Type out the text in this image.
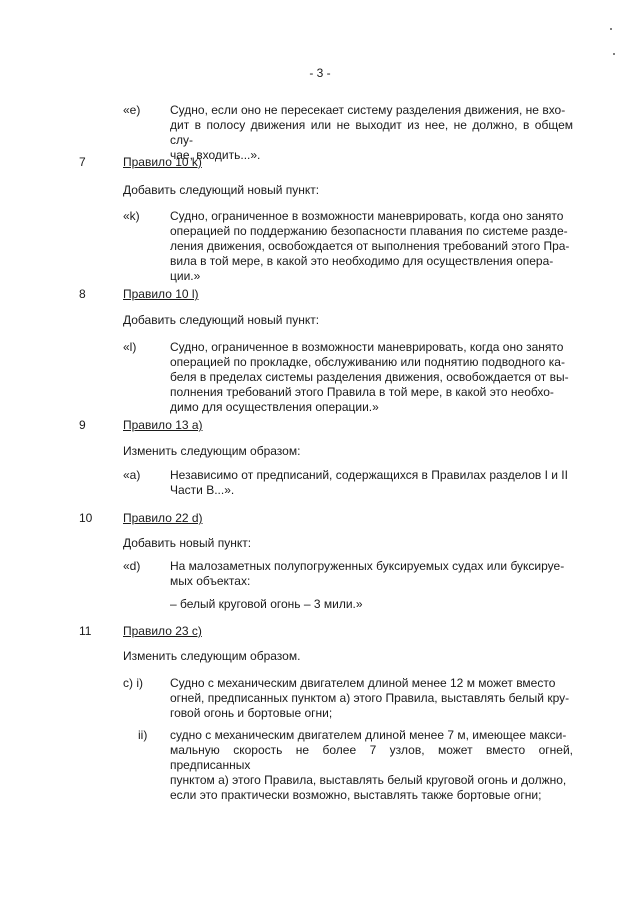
- 3 -
«e) Судно, если оно не пересекает систему разделения движения, не вхо-
дит в полосу движения или не выходит из нее, не должно, в общем слу-
чае, входить...».
7	Правило 10 k)
Добавить следующий новый пункт:
«k)	Судно, ограниченное в возможности маневрировать, когда оно занято
операцией по поддержанию безопасности плавания по системе разде-
ления движения, освобождается от выполнения требований этого Пра-
вила в той мере, в какой это необходимо для осуществления опера-
ции.»
8	Правило 10 l)
Добавить следующий новый пункт:
«l)	Судно, ограниченное в возможности маневрировать, когда оно занято
операцией по прокладке, обслуживанию или поднятию подводного ка-
беля в пределах системы разделения движения, освобождается от вы-
полнения требований этого Правила в той мере, в какой это необхо-
димо для осуществления операции.»
9	Правило 13 a)
Изменить следующим образом:
«a) Независимо от предписаний, содержащихся в Правилах разделов I и II
Части B...».
10	Правило 22 d)
Добавить новый пункт:
«d) На малозаметных полупогруженных буксируемых судах или буксируе-
мых объектах:
– белый круговой огонь – 3 мили.»
11	Правило 23 c)
Изменить следующим образом.
c) i) Судно с механическим двигателем длиной менее 12 м может вместо
огней, предписанных пунктом a) этого Правила, выставлять белый кру-
говой огонь и бортовые огни;
ii) судно с механическим двигателем длиной менее 7 м, имеющее макси-
мальную скорость не более 7 узлов, может вместо огней, предписанных
пунктом a) этого Правила, выставлять белый круговой огонь и должно,
если это практически возможно, выставлять также бортовые огни;
